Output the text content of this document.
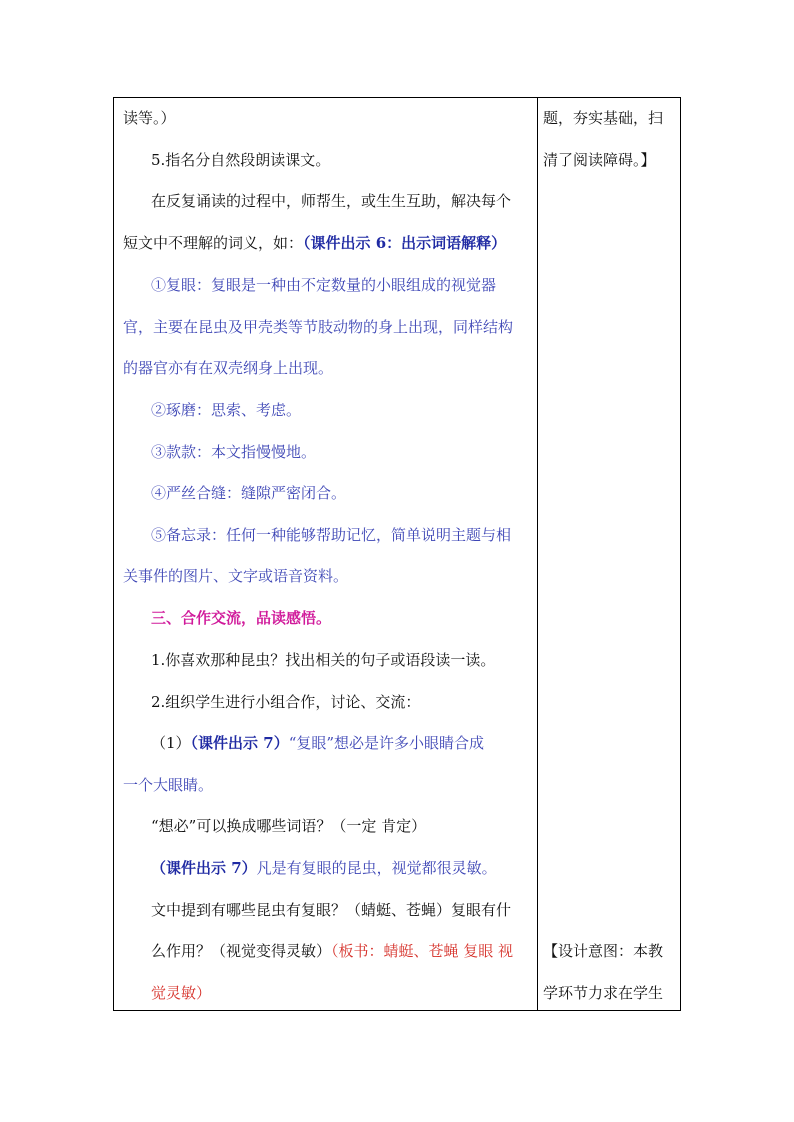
读等。）
5.指名分自然段朗读课文。
在反复诵读的过程中，师帮生，或生生互助，解决每个
短文中不理解的词义，如：（课件出示 6：出示词语解释）
①复眼：复眼是一种由不定数量的小眼组成的视觉器
官，主要在昆虫及甲壳类等节肢动物的身上出现，同样结构
的器官亦有在双壳纲身上出现。
②琢磨：思索、考虑。
③款款：本文指慢慢地。
④严丝合缝：缝隙严密闭合。
⑤备忘录：任何一种能够帮助记忆，简单说明主题与相
关事件的图片、文字或语音资料。
三、合作交流，品读感悟。
1.你喜欢那种昆虫？找出相关的句子或语段读一读。
2.组织学生进行小组合作，讨论、交流：
（1）（课件出示 7）“复眼”想必是许多小眼睛合成
一个大眼睛。
“想必”可以换成哪些词语？（一定 肯定）
（课件出示 7）凡是有复眼的昆虫，视觉都很灵敏。
文中提到有哪些昆虫有复眼？（蜻蜓、苍蝇）复眼有什
么作用？（视觉变得灵敏）（板书：蜻蜓、苍蝇 复眼 视
觉灵敏）
题，夯实基础，扫
清了阅读障碍。】
【设计意图：本教
学环节力求在学生
